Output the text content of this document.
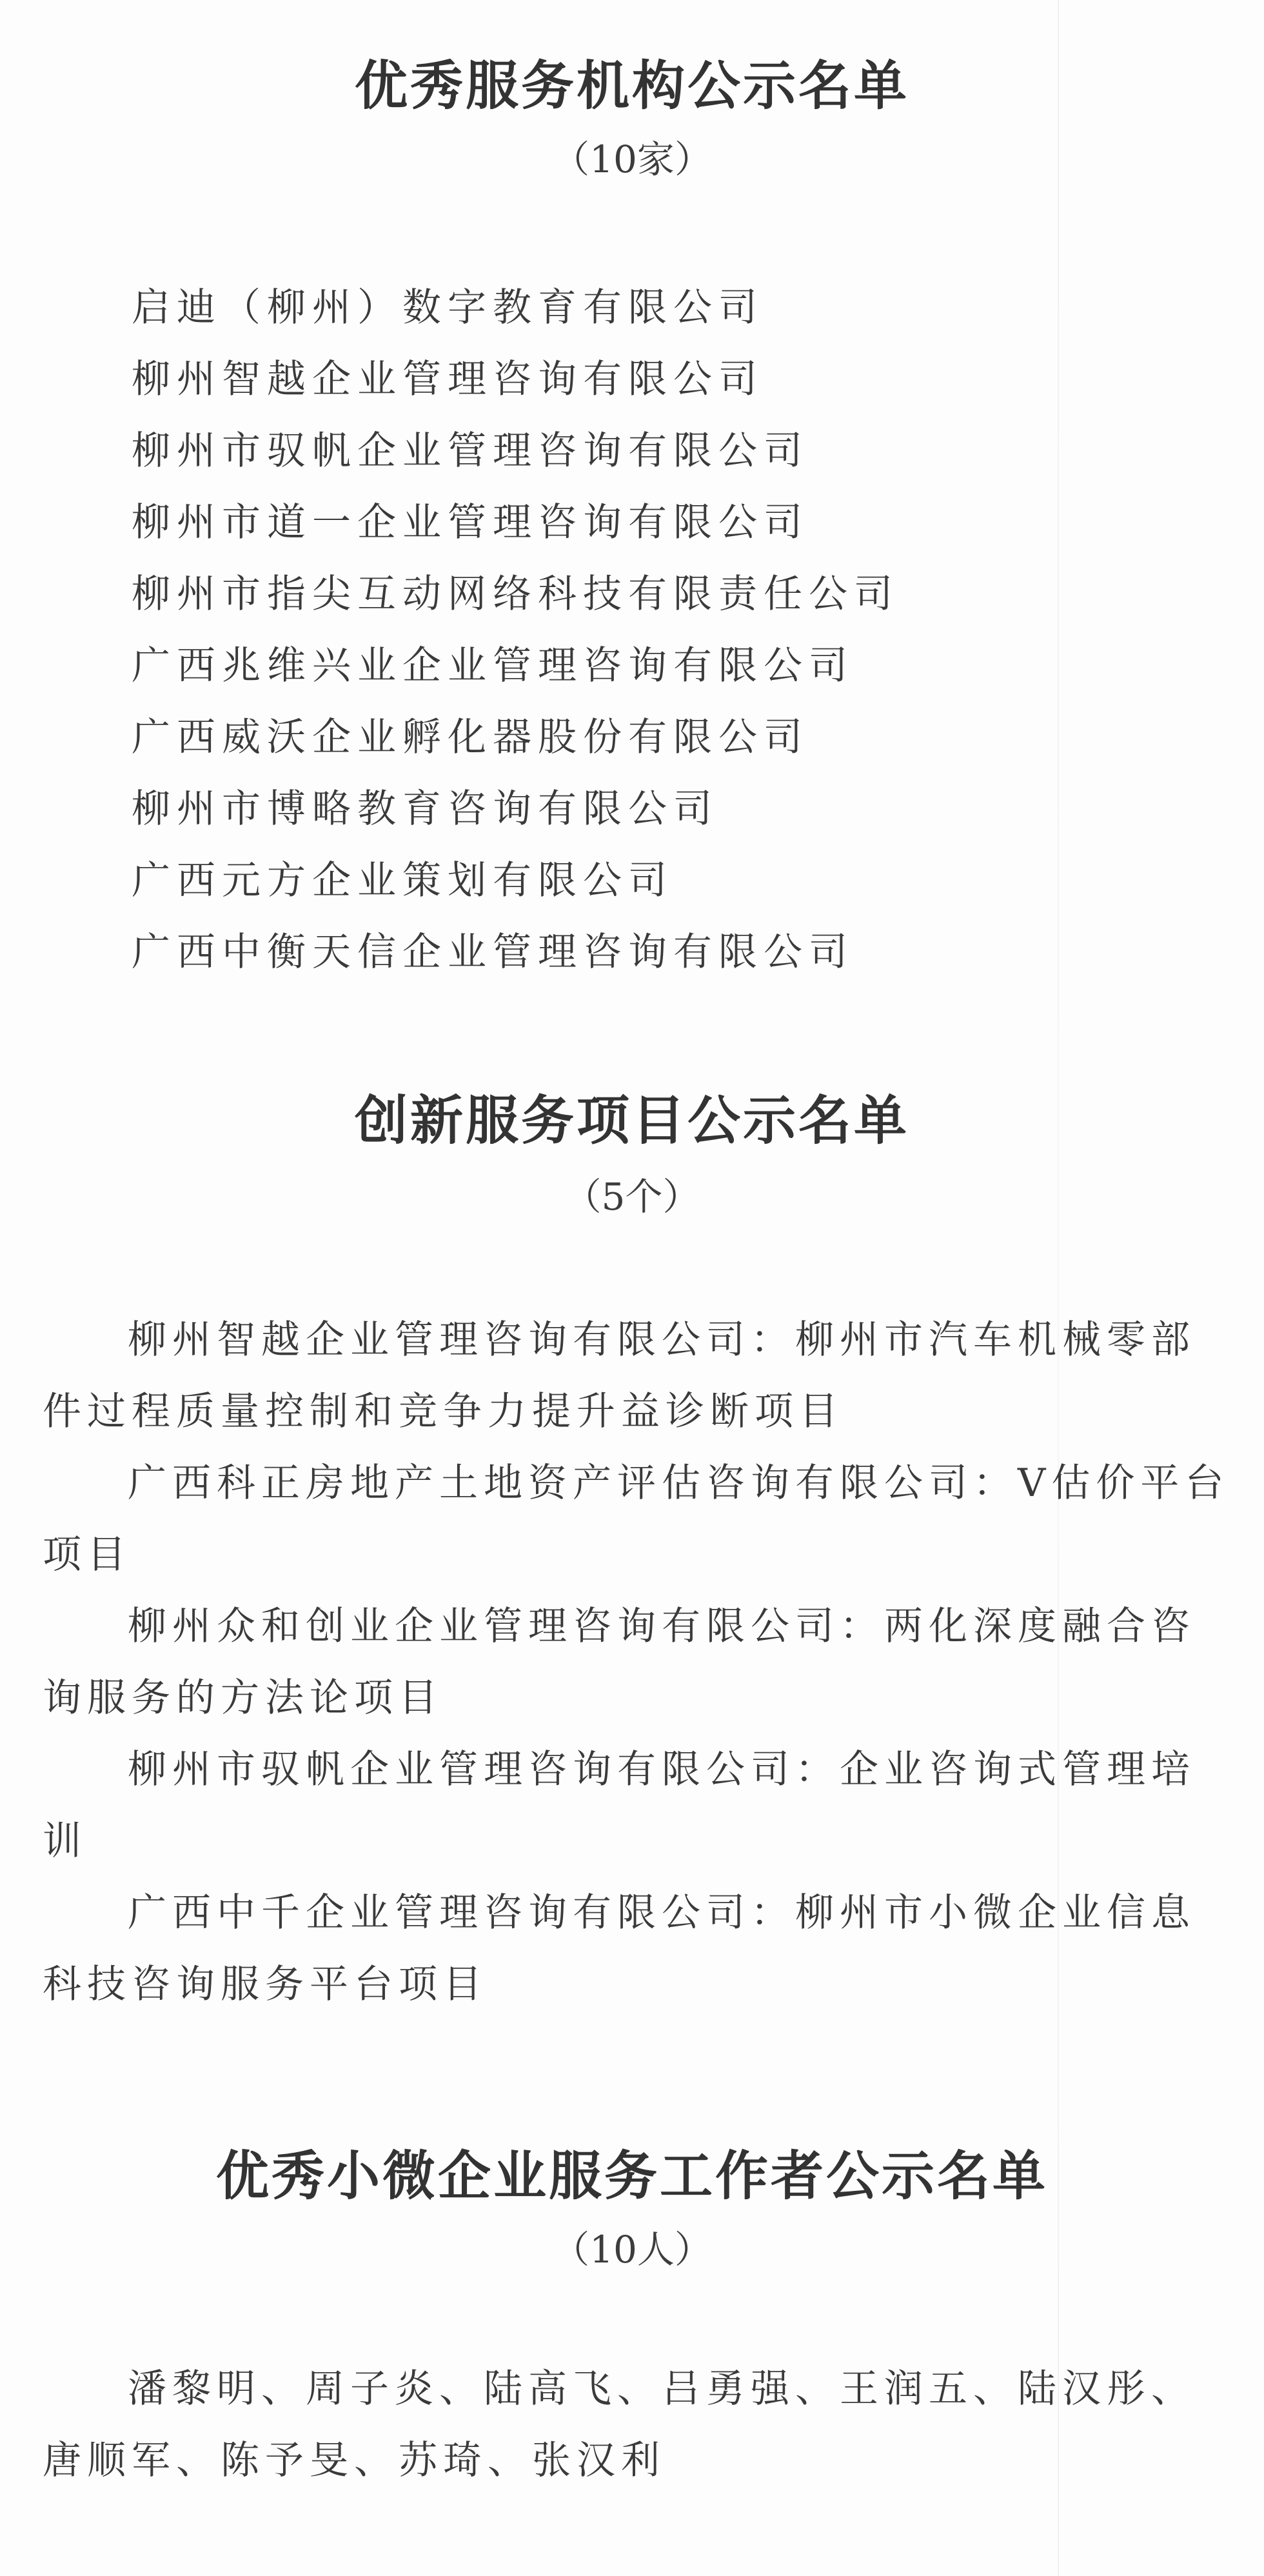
优秀服务机构公示名单
（10家）
启迪（柳州）数字教育有限公司
柳州智越企业管理咨询有限公司
柳州市驭帆企业管理咨询有限公司
柳州市道一企业管理咨询有限公司
柳州市指尖互动网络科技有限责任公司
广西兆维兴业企业管理咨询有限公司
广西威沃企业孵化器股份有限公司
柳州市博略教育咨询有限公司
广西元方企业策划有限公司
广西中衡天信企业管理咨询有限公司
创新服务项目公示名单
（5个）

柳州智越企业管理咨询有限公司：柳州市汽车机械零部件过程质量控制和竞争力提升益诊断项目

广西科正房地产土地资产评估咨询有限公司：V估价平台项目

柳州众和创业企业管理咨询有限公司：两化深度融合咨询服务的方法论项目

柳州市驭帆企业管理咨询有限公司：企业咨询式管理培训

广西中千企业管理咨询有限公司：柳州市小微企业信息科技咨询服务平台项目

优秀小微企业服务工作者公示名单
（10人）

潘黎明、周子炎、陆高飞、吕勇强、王润五、陆汉彤、唐顺军、陈予旻、苏琦、张汉利
